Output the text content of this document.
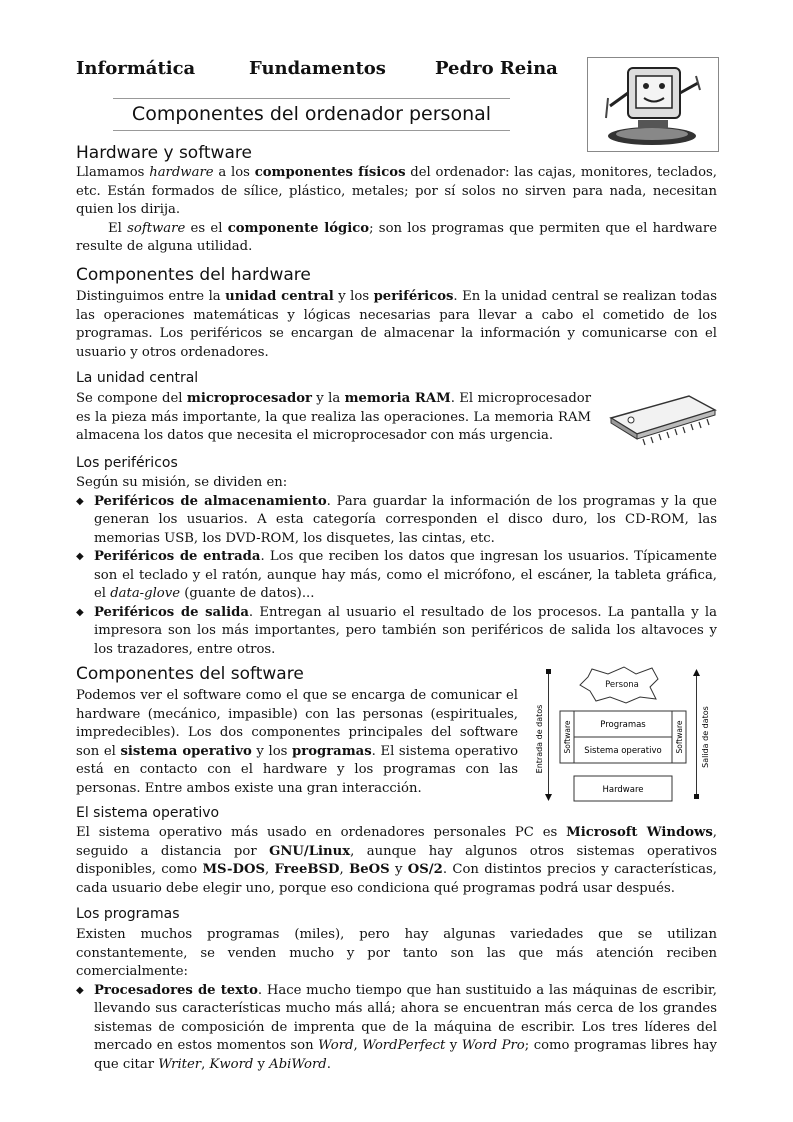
Informática	Fundamentos	Pedro Reina
Componentes del ordenador personal
Hardware y software

Llamamos hardware a los componentes físicos del ordenador: las cajas, monitores, teclados, etc. Están formados de sílice, plástico, metales; por sí solos no sirven para nada, necesitan quien los dirija.

El software es el componente lógico; son los programas que permiten que el hardware resulte de alguna utilidad.

Componentes del hardware

Distinguimos entre la unidad central y los periféricos. En la unidad central se realizan todas las operaciones matemáticas y lógicas necesarias para llevar a cabo el cometido de los programas. Los periféricos se encargan de almacenar la información y comunicarse con el usuario y otros ordenadores.

La unidad central

Se compone del microprocesador y la memoria RAM. El microprocesador es la pieza más importante, la que realiza las operaciones. La memoria RAM almacena los datos que necesita el microprocesador con más urgencia.

Los periféricos

Según su misión, se dividen en:

◆ Periféricos de almacenamiento. Para guardar la información de los programas y la que generan los usuarios. A esta categoría corresponden el disco duro, los CD-ROM, las memorias USB, los DVD-ROM, los disquetes, las cintas, etc.
◆ Periféricos de entrada. Los que reciben los datos que ingresan los usuarios. Típicamente son el teclado y el ratón, aunque hay más, como el micrófono, el escáner, la tableta gráfica, el data-glove (guante de datos)...
◆ Periféricos de salida. Entregan al usuario el resultado de los procesos. La pantalla y la impresora son los más importantes, pero también son periféricos de salida los altavoces y los trazadores, entre otros.
Componentes del software

Podemos ver el software como el que se encarga de comunicar el hardware (mecánico, impasible) con las personas (espirituales, impredecibles). Los dos componentes principales del software son el sistema operativo y los programas. El sistema operativo está en contacto con el hardware y los programas con las personas. Entre ambos existe una gran interacción.

Persona
Software	Software
Programas
Sistema operativo
Hardware
Entrada de datos	Salida de datos
El sistema operativo

El sistema operativo más usado en ordenadores personales PC es Microsoft Windows, seguido a distancia por GNU/Linux, aunque hay algunos otros sistemas operativos disponibles, como MS-DOS, FreeBSD, BeOS y OS/2. Con distintos precios y características, cada usuario debe elegir uno, porque eso condiciona qué programas podrá usar después.

Los programas

Existen muchos programas (miles), pero hay algunas variedades que se utilizan constantemente, se venden mucho y por tanto son las que más atención reciben comercialmente:

◆ Procesadores de texto. Hace mucho tiempo que han sustituido a las máquinas de escribir, llevando sus características mucho más allá; ahora se encuentran más cerca de los grandes sistemas de composición de imprenta que de la máquina de escribir. Los tres líderes del mercado en estos momentos son Word, WordPerfect y Word Pro; como programas libres hay que citar Writer, Kword y AbiWord.
